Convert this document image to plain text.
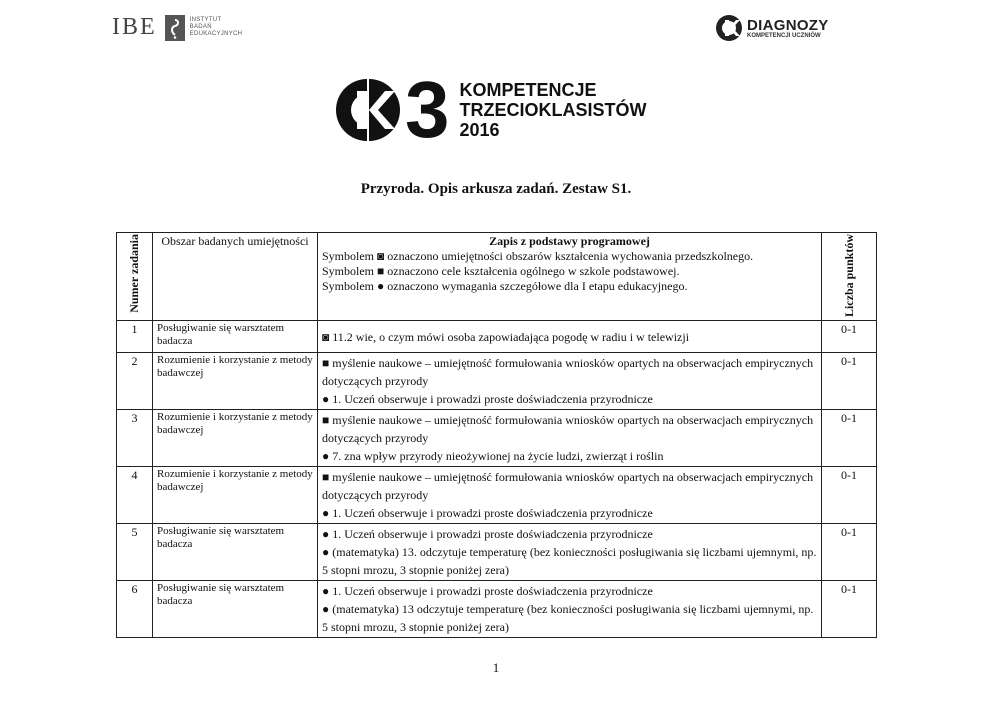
IBE	INSTYTUT
BADAŃ
EDUKACYJNYCH
DIAGNOZY
KOMPETENCJI UCZNIÓW
3 KOMPETENCJE
TRZECIOKLASISTÓW
2016
Przyroda. Opis arkusza zadań. Zestaw S1.
Numer zadania	Obszar badanych umiejętności	Zapis z podstawy programowej
Symbolem ◙ oznaczono umiejętności obszarów kształcenia wychowania przedszkolnego.
Symbolem ■ oznaczono cele kształcenia ogólnego w szkole podstawowej.
Symbolem ● oznaczono wymagania szczegółowe dla I etapu edukacyjnego.	Liczba punktów

1	Posługiwanie się warsztatem badacza	◙ 11.2 wie, o czym mówi osoba zapowiadająca pogodę w radiu i w telewizji	0-1
2	Rozumienie i korzystanie z metody badawczej	■ myślenie naukowe – umiejętność formułowania wniosków opartych na obserwacjach empirycznych dotyczących przyrody
● 1. Uczeń obserwuje i prowadzi proste doświadczenia przyrodnicze	0-1
3	Rozumienie i korzystanie z metody badawczej	■ myślenie naukowe – umiejętność formułowania wniosków opartych na obserwacjach empirycznych dotyczących przyrody
● 7. zna wpływ przyrody nieożywionej na życie ludzi, zwierząt i roślin	0-1
4	Rozumienie i korzystanie z metody badawczej	■ myślenie naukowe – umiejętność formułowania wniosków opartych na obserwacjach empirycznych dotyczących przyrody
● 1. Uczeń obserwuje i prowadzi proste doświadczenia przyrodnicze	0-1
5	Posługiwanie się warsztatem badacza	● 1. Uczeń obserwuje i prowadzi proste doświadczenia przyrodnicze
● (matematyka) 13. odczytuje temperaturę (bez konieczności posługiwania się liczbami ujemnymi, np. 5 stopni mrozu, 3 stopnie poniżej zera)	0-1
6	Posługiwanie się warsztatem badacza	● 1. Uczeń obserwuje i prowadzi proste doświadczenia przyrodnicze
● (matematyka) 13 odczytuje temperaturę (bez konieczności posługiwania się liczbami ujemnymi, np. 5 stopni mrozu, 3 stopnie poniżej zera)	0-1
1
